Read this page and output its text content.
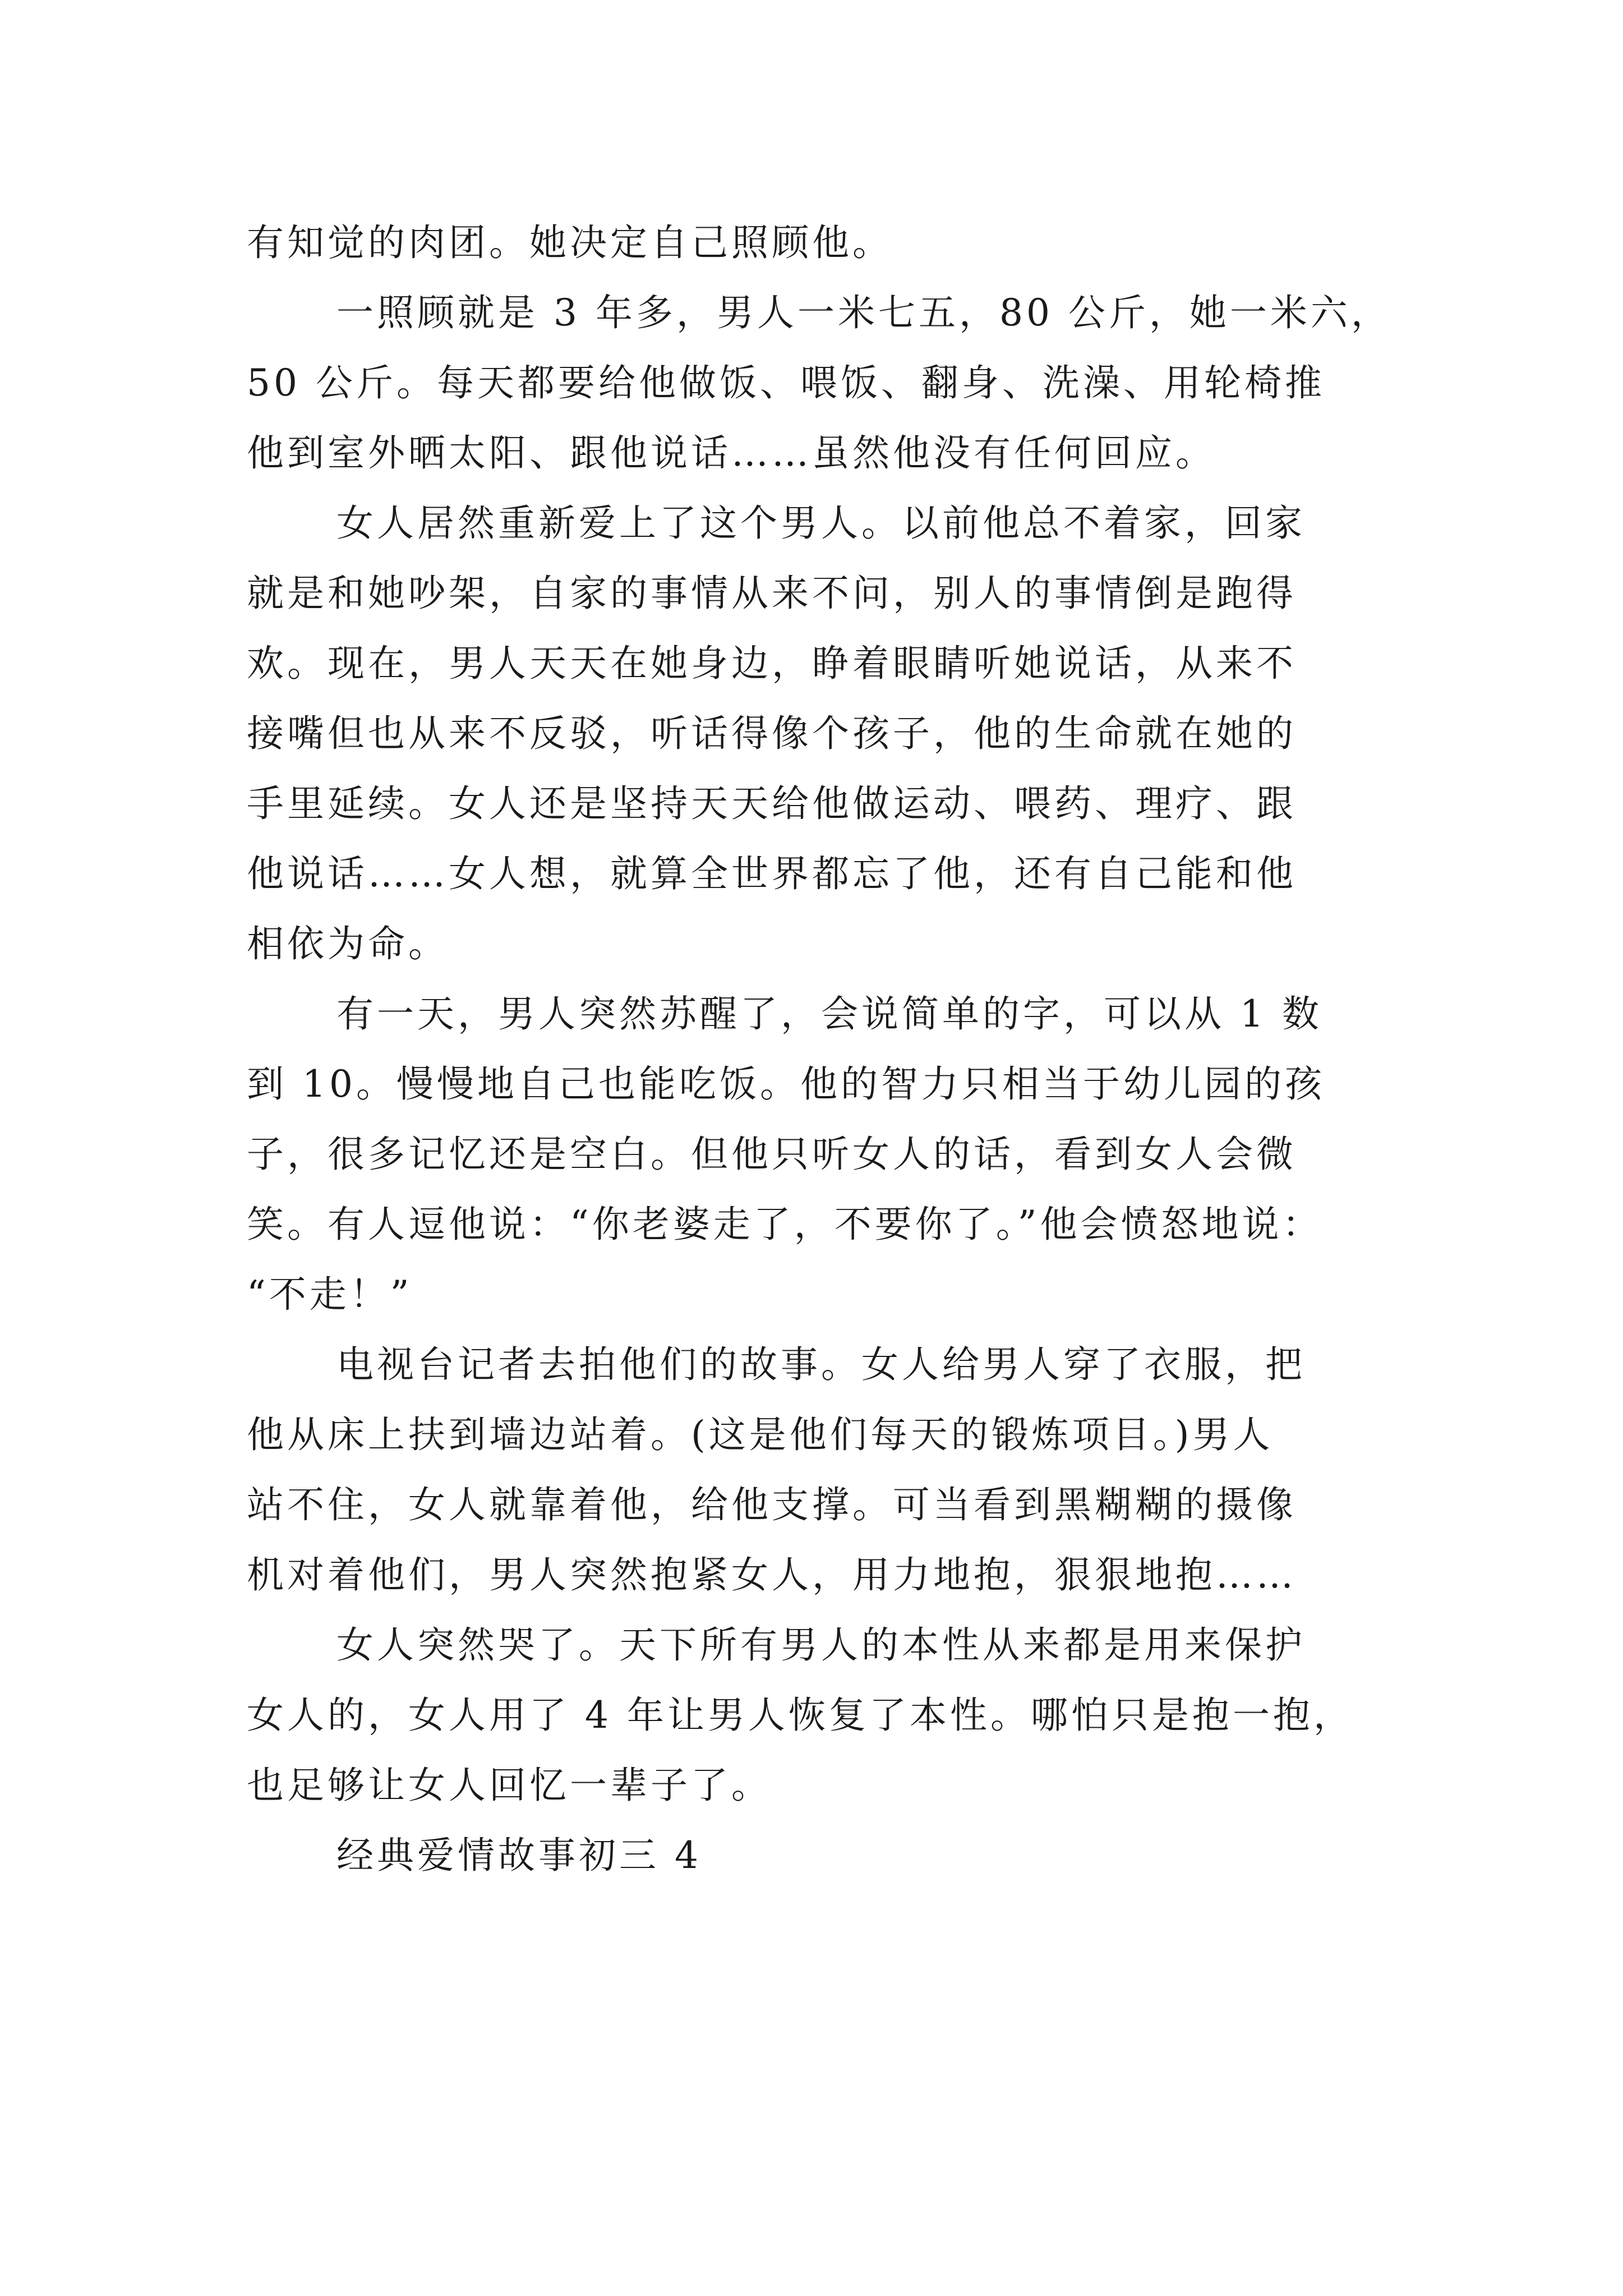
有知觉的肉团。她决定自己照顾他。

一照顾就是 3 年多，男人一米七五，80 公斤，她一米六，
50 公斤。每天都要给他做饭、喂饭、翻身、洗澡、用轮椅推
他到室外晒太阳、跟他说话……虽然他没有任何回应。

女人居然重新爱上了这个男人。以前他总不着家，回家
就是和她吵架，自家的事情从来不问，别人的事情倒是跑得
欢。现在，男人天天在她身边，睁着眼睛听她说话，从来不
接嘴但也从来不反驳，听话得像个孩子，他的生命就在她的
手里延续。女人还是坚持天天给他做运动、喂药、理疗、跟
他说话……女人想，就算全世界都忘了他，还有自己能和他
相依为命。

有一天，男人突然苏醒了，会说简单的字，可以从 1 数
到 10。慢慢地自己也能吃饭。他的智力只相当于幼儿园的孩
子，很多记忆还是空白。但他只听女人的话，看到女人会微
笑。有人逗他说：“你老婆走了，不要你了。”他会愤怒地说：
“不走！”

电视台记者去拍他们的故事。女人给男人穿了衣服，把
他从床上扶到墙边站着。(这是他们每天的锻炼项目。)男人
站不住，女人就靠着他，给他支撑。可当看到黑糊糊的摄像
机对着他们，男人突然抱紧女人，用力地抱，狠狠地抱……

女人突然哭了。天下所有男人的本性从来都是用来保护
女人的，女人用了 4 年让男人恢复了本性。哪怕只是抱一抱，
也足够让女人回忆一辈子了。

经典爱情故事初三 4
